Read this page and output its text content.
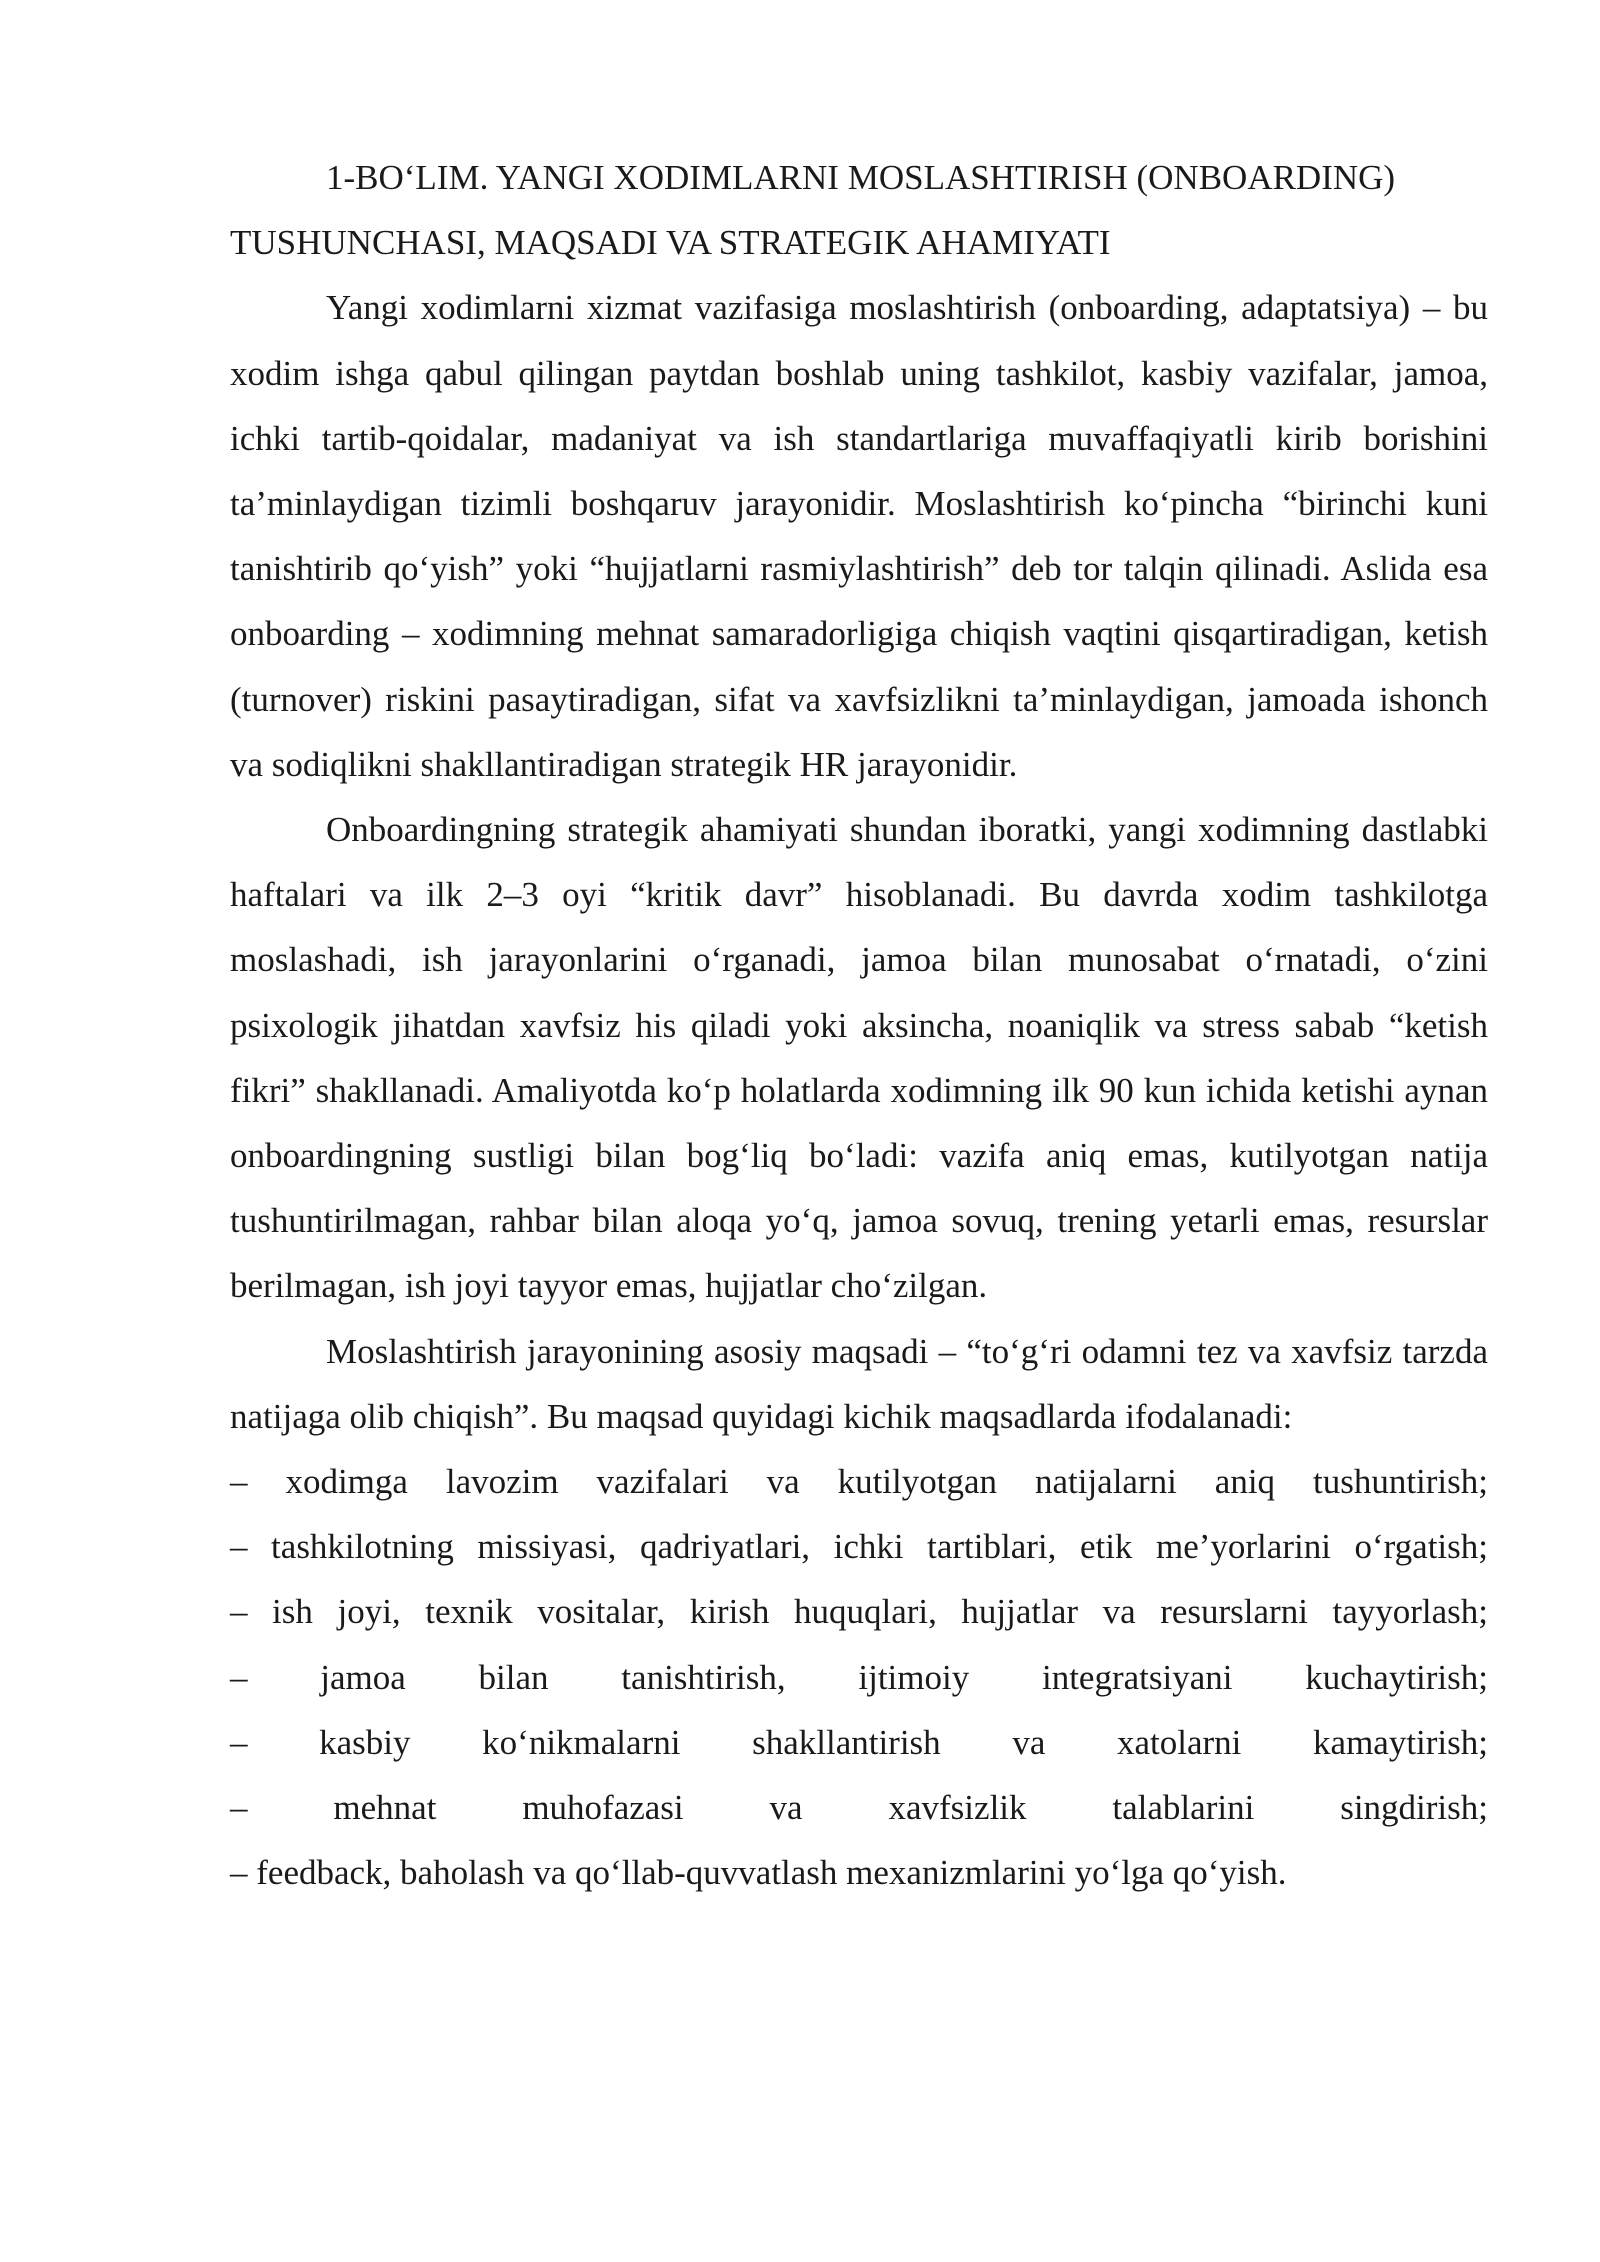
1-BO‘LIM. YANGI XODIMLARNI MOSLASHTIRISH (ONBOARDING) TUSHUNCHASI, MAQSADI VA STRATEGIK AHAMIYATI

Yangi xodimlarni xizmat vazifasiga moslashtirish (onboarding, adaptatsiya) – bu xodim ishga qabul qilingan paytdan boshlab uning tashkilot, kasbiy vazifalar, jamoa, ichki tartib-qoidalar, madaniyat va ish standartlariga muvaffaqiyatli kirib borishini ta’minlaydigan tizimli boshqaruv jarayonidir. Moslashtirish ko‘pincha “birinchi kuni tanishtirib qo‘yish” yoki “hujjatlarni rasmiylashtirish” deb tor talqin qilinadi. Aslida esa onboarding – xodimning mehnat samaradorligiga chiqish vaqtini qisqartiradigan, ketish (turnover) riskini pasaytiradigan, sifat va xavfsizlikni ta’minlaydigan, jamoada ishonch va sodiqlikni shakllantiradigan strategik HR jarayonidir.

Onboardingning strategik ahamiyati shundan iboratki, yangi xodimning dastlabki haftalari va ilk 2–3 oyi “kritik davr” hisoblanadi. Bu davrda xodim tashkilotga moslashadi, ish jarayonlarini o‘rganadi, jamoa bilan munosabat o‘rnatadi, o‘zini psixologik jihatdan xavfsiz his qiladi yoki aksincha, noaniqlik va stress sabab “ketish fikri” shakllanadi. Amaliyotda ko‘p holatlarda xodimning ilk 90 kun ichida ketishi aynan onboardingning sustligi bilan bog‘liq bo‘ladi: vazifa aniq emas, kutilyotgan natija tushuntirilmagan, rahbar bilan aloqa yo‘q, jamoa sovuq, trening yetarli emas, resurslar berilmagan, ish joyi tayyor emas, hujjatlar cho‘zilgan.

Moslashtirish jarayonining asosiy maqsadi – “to‘g‘ri odamni tez va xavfsiz tarzda natijaga olib chiqish”. Bu maqsad quyidagi kichik maqsadlarda ifodalanadi:

– xodimga lavozim vazifalari va kutilyotgan natijalarni aniq tushuntirish;
– tashkilotning missiyasi, qadriyatlari, ichki tartiblari, etik me’yorlarini o‘rgatish;
– ish joyi, texnik vositalar, kirish huquqlari, hujjatlar va resurslarni tayyorlash;
– jamoa bilan tanishtirish, ijtimoiy integratsiyani kuchaytirish;
– kasbiy ko‘nikmalarni shakllantirish va xatolarni kamaytirish;
– mehnat muhofazasi va xavfsizlik talablarini singdirish;
– feedback, baholash va qo‘llab-quvvatlash mexanizmlarini yo‘lga qo‘yish.
